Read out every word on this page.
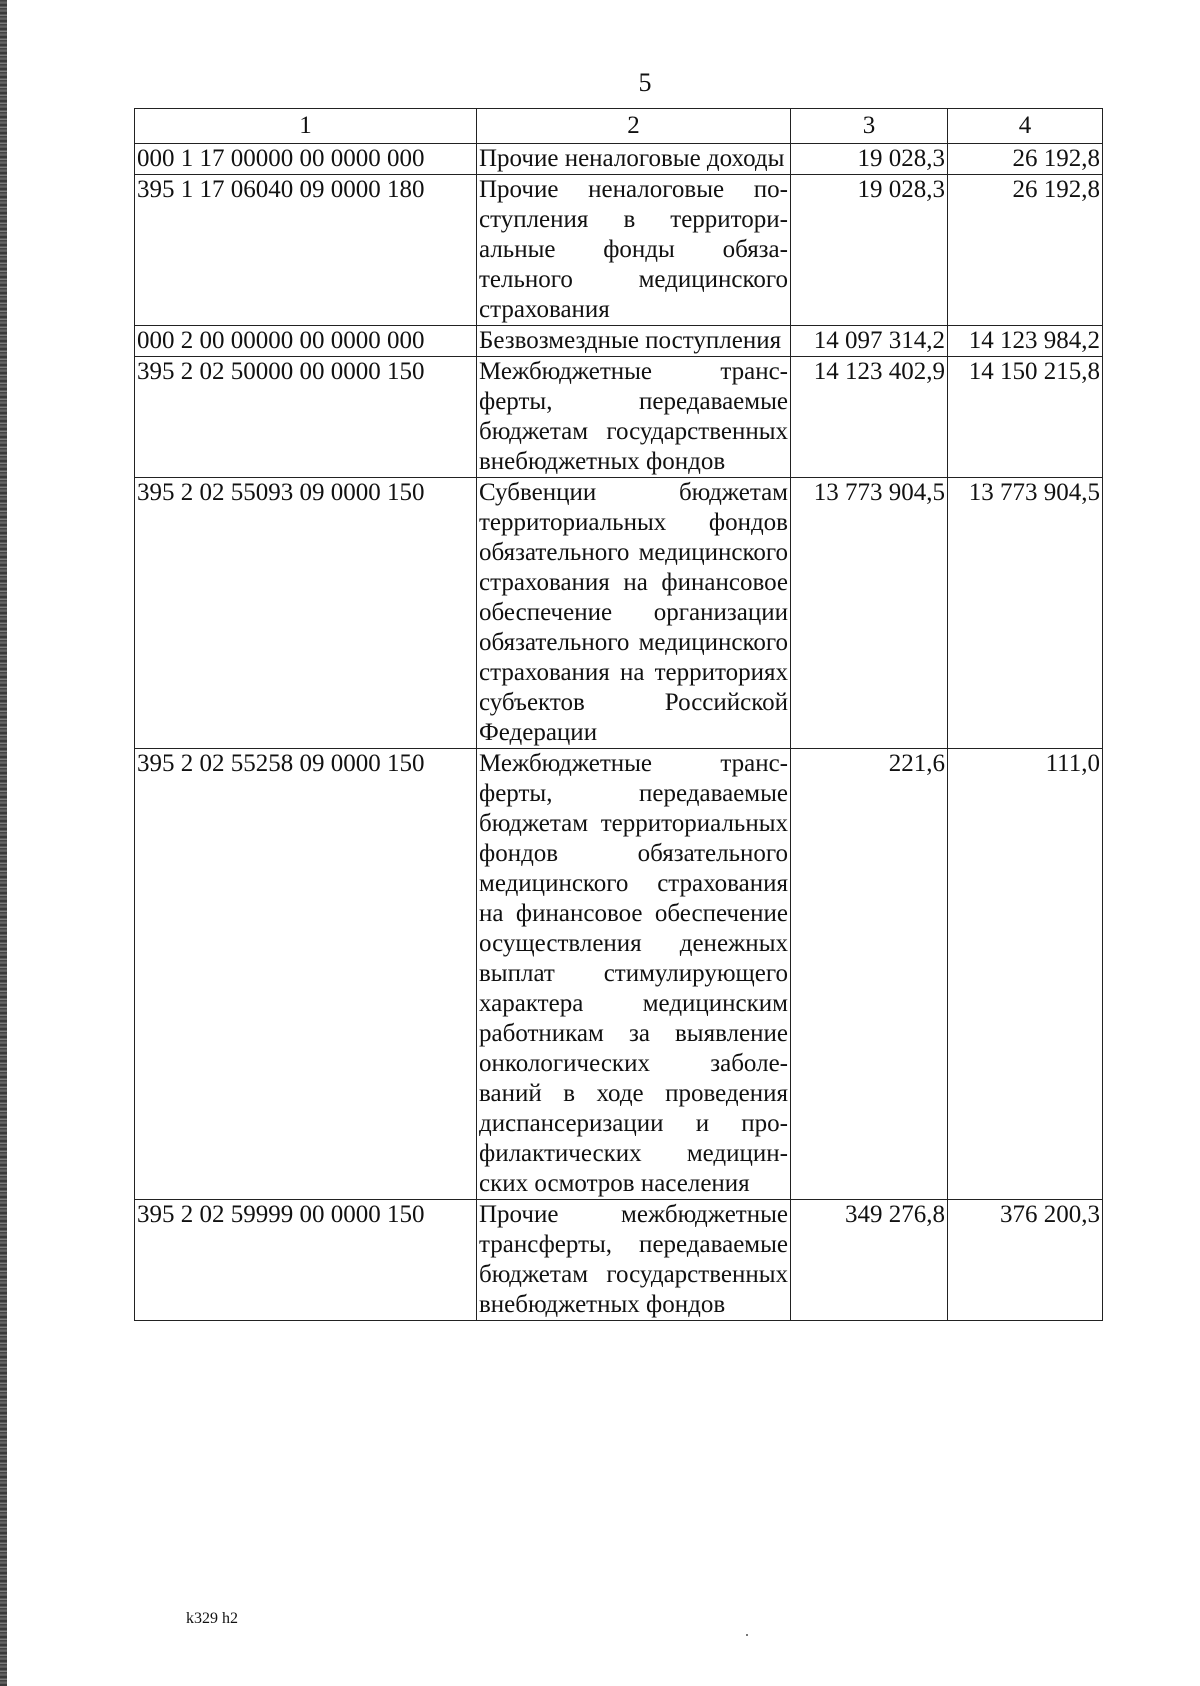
5
1	2	3	4
000 1 17 00000 00 0000 000	Прочие неналоговые доходы	19 028,3	26 192,8
395 1 17 06040 09 0000 180	Прочие неналоговые поступления в территориальные фонды обязательного медицинского страхования	19 028,3	26 192,8
000 2 00 00000 00 0000 000	Безвозмездные поступления	14 097 314,2	14 123 984,2
395 2 02 50000 00 0000 150	Межбюджетные трансферты, передаваемые бюджетам государственных внебюджетных фондов	14 123 402,9	14 150 215,8
395 2 02 55093 09 0000 150	Субвенции бюджетам территориальных фондов обязательного медицинского страхования на финансовое обеспечение организации обязательного медицинского страхования на территориях субъектов Российской Федерации	13 773 904,5	13 773 904,5
395 2 02 55258 09 0000 150	Межбюджетные трансферты, передаваемые бюджетам территориальных фондов обязательного медицинского страхования на финансовое обеспечение осуществления денежных выплат стимулирующего характера медицинским работникам за выявление онкологических заболеваний в ходе проведения диспансеризации и профилактических медицинских осмотров населения	221,6	111,0
395 2 02 59999 00 0000 150	Прочие межбюджетные трансферты, передаваемые бюджетам государственных внебюджетных фондов	349 276,8	376 200,3
k329 h2
